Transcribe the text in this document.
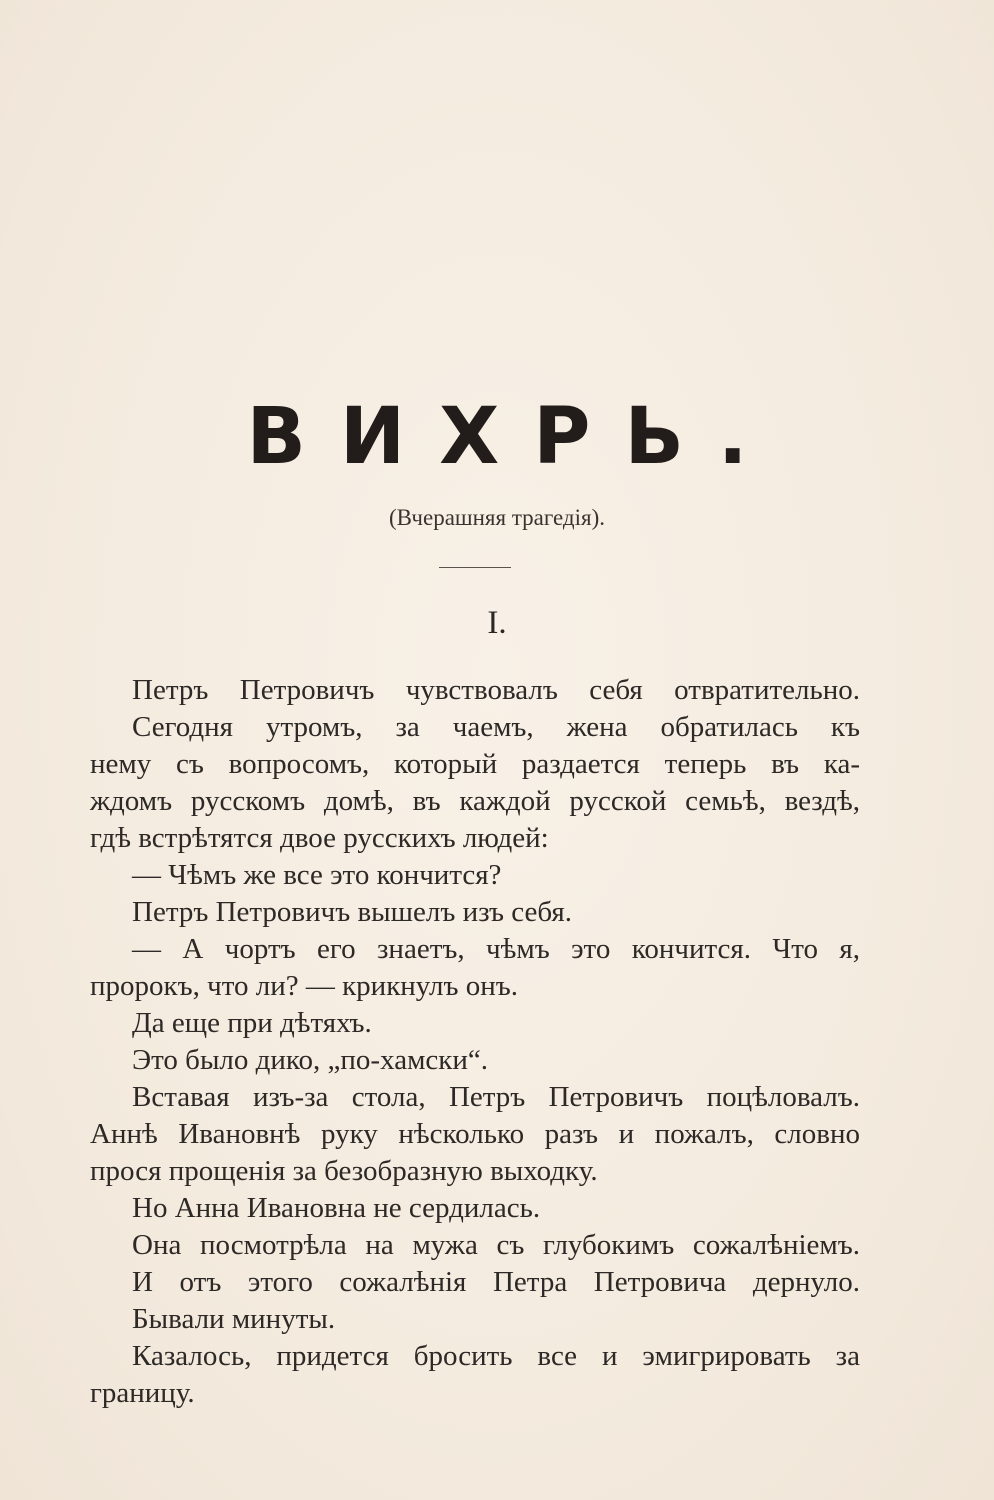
ВИХРЬ.
(Вчерашняя трагедія).
I.
Петръ Петровичъ чувствовалъ себя отвратительно.
Сегодня утромъ, за чаемъ, жена обратилась къ
нему съ вопросомъ, который раздается теперь въ ка-
ждомъ русскомъ домѣ, въ каждой русской семьѣ, вездѣ,
гдѣ встрѣтятся двое русскихъ людей:
— Чѣмъ же все это кончится?
Петръ Петровичъ вышелъ изъ себя.
— А чортъ его знаетъ, чѣмъ это кончится. Что я,
пророкъ, что ли? — крикнулъ онъ.
Да еще при дѣтяхъ.
Это было дико, „по-хамски“.
Вставая изъ-за стола, Петръ Петровичъ поцѣловалъ.
Аннѣ Ивановнѣ руку нѣсколько разъ и пожалъ, словно
прося прощенія за безобразную выходку.
Но Анна Ивановна не сердилась.
Она посмотрѣла на мужа съ глубокимъ сожалѣніемъ.
И отъ этого сожалѣнія Петра Петровича дернуло.
Бывали минуты.
Казалось, придется бросить все и эмигрировать за
границу.
